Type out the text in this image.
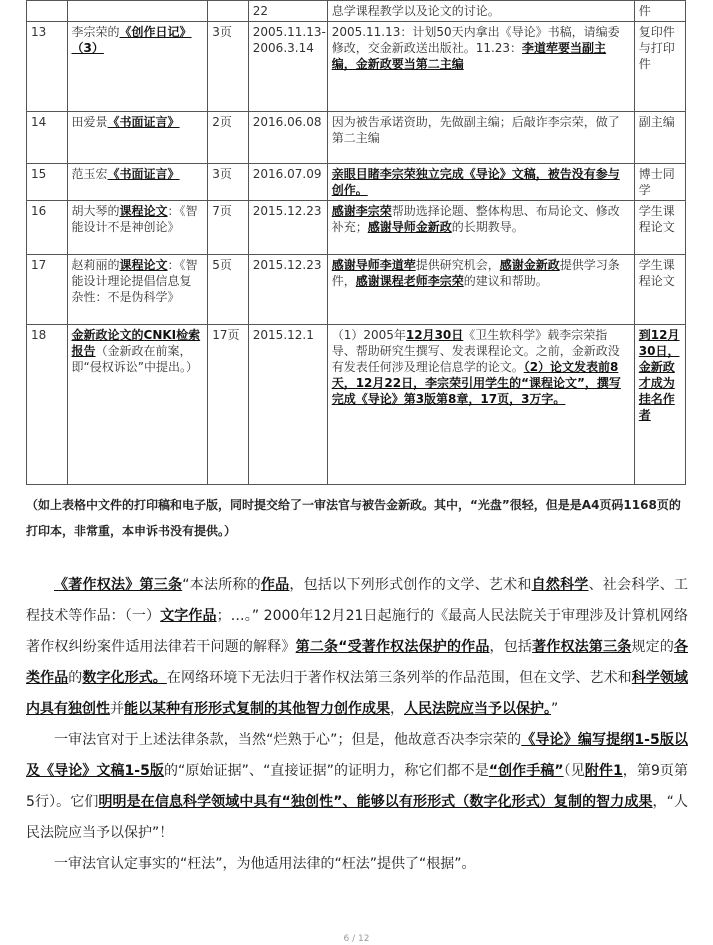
			22	息学课程教学以及论文的讨论。	件
13	李宗荣的《创作日记》（3）	3页	2005.11.13-2006.3.14	2005.11.13：计划50天内拿出《导论》书稿，请编委修改，交金新政送出版社。11.23：李道荦要当副主编，金新政要当第二主编	复印件与打印件
14	田爱景《书面证言》	2页	2016.06.08	因为被告承诺资助，先做副主编；后敲诈李宗荣，做了第二主编	副主编
15	范玉宏《书面证言》	3页	2016.07.09	亲眼目睹李宗荣独立完成《导论》文稿，被告没有参与创作。	博士同学
16	胡大琴的课程论文：《智能设计不是神创论》	7页	2015.12.23	感谢李宗荣帮助选择论题、整体构思、布局论文、修改补充；感谢导师金新政的长期教导。	学生课程论文
17	赵莉丽的课程论文：《智能设计理论提倡信息复杂性：不是伪科学》	5页	2015.12.23	感谢导师李道荦提供研究机会，感谢金新政提供学习条件，感谢课程老师李宗荣的建议和帮助。	学生课程论文
18	金新政论文的CNKI检索报告（金新政在前案，即“侵权诉讼”中提出。）	17页	2015.12.1	（1）2005年12月30日《卫生软科学》载李宗荣指导、帮助研究生撰写、发表课程论文。之前，金新政没有发表任何涉及理论信息学的论文。（2）论文发表前8天，12月22日，李宗荣引用学生的“课程论文”，撰写完成《导论》第3版第8章，17页，3万字。	到12月30日，金新政才成为挂名作者
（如上表格中文件的打印稿和电子版，同时提交给了一审法官与被告金新政。其中，“光盘”很轻，但是是A4页码1168页的打印本，非常重，本申诉书没有提供。）

《著作权法》第三条“本法所称的作品，包括以下列形式创作的文学、艺术和自然科学、社会科学、工程技术等作品：（一）文字作品；…。” 2000年12月21日起施行的《最高人民法院关于审理涉及计算机网络著作权纠纷案件适用法律若干问题的解释》第二条“受著作权法保护的作品，包括著作权法第三条规定的各类作品的数字化形式。在网络环境下无法归于著作权法第三条列举的作品范围，但在文学、艺术和科学领域内具有独创性并能以某种有形形式复制的其他智力创作成果，人民法院应当予以保护。”

一审法官对于上述法律条款，当然“烂熟于心”；但是，他故意否决李宗荣的《导论》编写提纲1-5版以及《导论》文稿1-5版的“原始证据”、“直接证据”的证明力，称它们都不是“创作手稿”（见附件1，第9页第5行）。它们明明是在信息科学领域中具有“独创性”、能够以有形形式（数字化形式）复制的智力成果，“人民法院应当予以保护”！

一审法官认定事实的“枉法”，为他适用法律的“枉法”提供了“根据”。

6 / 12
